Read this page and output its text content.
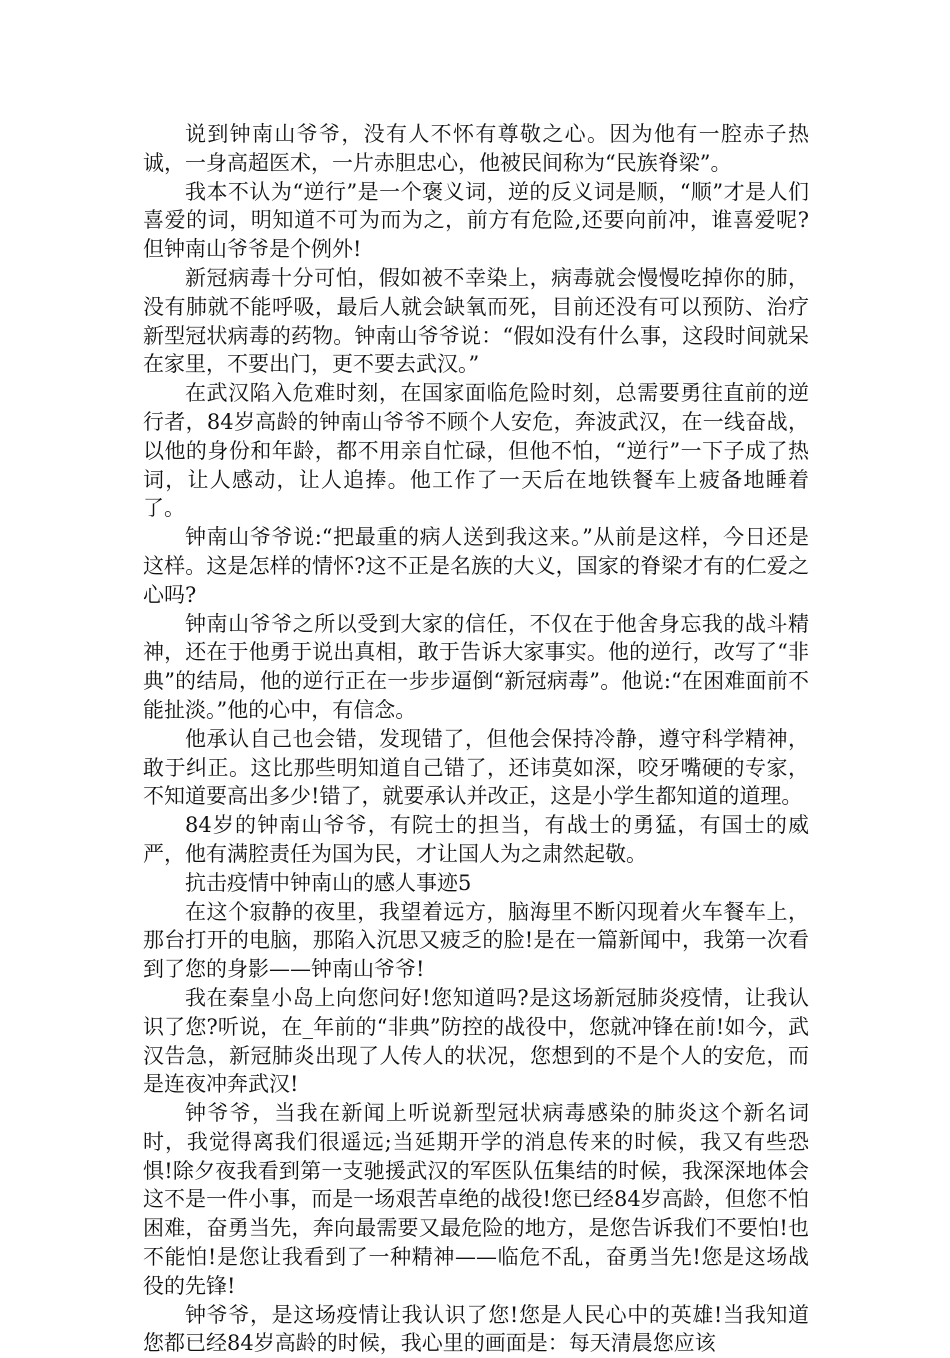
说到钟南山爷爷，没有人不怀有尊敬之心。因为他有一腔赤子热诚，一身高超医术，一片赤胆忠心，他被民间称为“民族脊梁”。

我本不认为“逆行”是一个褒义词，逆的反义词是顺，“顺”才是人们喜爱的词，明知道不可为而为之，前方有危险,还要向前冲，谁喜爱呢?但钟南山爷爷是个例外!

新冠病毒十分可怕，假如被不幸染上，病毒就会慢慢吃掉你的肺，没有肺就不能呼吸，最后人就会缺氧而死，目前还没有可以预防、治疗新型冠状病毒的药物。钟南山爷爷说：“假如没有什么事，这段时间就呆在家里，不要出门，更不要去武汉。”

在武汉陷入危难时刻，在国家面临危险时刻，总需要勇往直前的逆行者，84岁高龄的钟南山爷爷不顾个人安危，奔波武汉，在一线奋战，以他的身份和年龄，都不用亲自忙碌，但他不怕，“逆行”一下子成了热词，让人感动，让人追捧。他工作了一天后在地铁餐车上疲备地睡着了。

钟南山爷爷说:“把最重的病人送到我这来。”从前是这样，今日还是这样。这是怎样的情怀?这不正是名族的大义，国家的脊梁才有的仁爱之心吗?

钟南山爷爷之所以受到大家的信任，不仅在于他舍身忘我的战斗精神，还在于他勇于说出真相，敢于告诉大家事实。他的逆行，改写了“非典”的结局，他的逆行正在一步步逼倒“新冠病毒”。他说:“在困难面前不能扯淡。”他的心中，有信念。

他承认自己也会错，发现错了，但他会保持冷静，遵守科学精神，敢于纠正。这比那些明知道自己错了，还讳莫如深，咬牙嘴硬的专家，不知道要高出多少!错了，就要承认并改正，这是小学生都知道的道理。

84岁的钟南山爷爷，有院士的担当，有战士的勇猛，有国士的威严，他有满腔责任为国为民，才让国人为之肃然起敬。

抗击疫情中钟南山的感人事迹5

在这个寂静的夜里，我望着远方，脑海里不断闪现着火车餐车上，那台打开的电脑，那陷入沉思又疲乏的脸!是在一篇新闻中，我第一次看到了您的身影——钟南山爷爷!

我在秦皇小岛上向您问好!您知道吗?是这场新冠肺炎疫情，让我认识了您?听说，在_年前的“非典”防控的战役中，您就冲锋在前!如今，武汉告急，新冠肺炎出现了人传人的状况，您想到的不是个人的安危，而是连夜冲奔武汉!

钟爷爷，当我在新闻上听说新型冠状病毒感染的肺炎这个新名词时，我觉得离我们很遥远;当延期开学的消息传来的时候，我又有些恐惧!除夕夜我看到第一支驰援武汉的军医队伍集结的时候，我深深地体会这不是一件小事，而是一场艰苦卓绝的战役!您已经84岁高龄，但您不怕困难，奋勇当先，奔向最需要又最危险的地方，是您告诉我们不要怕!也不能怕!是您让我看到了一种精神——临危不乱，奋勇当先!您是这场战役的先锋!

钟爷爷，是这场疫情让我认识了您!您是人民心中的英雄!当我知道您都已经84岁高龄的时候，我心里的画面是：每天清晨您应该
